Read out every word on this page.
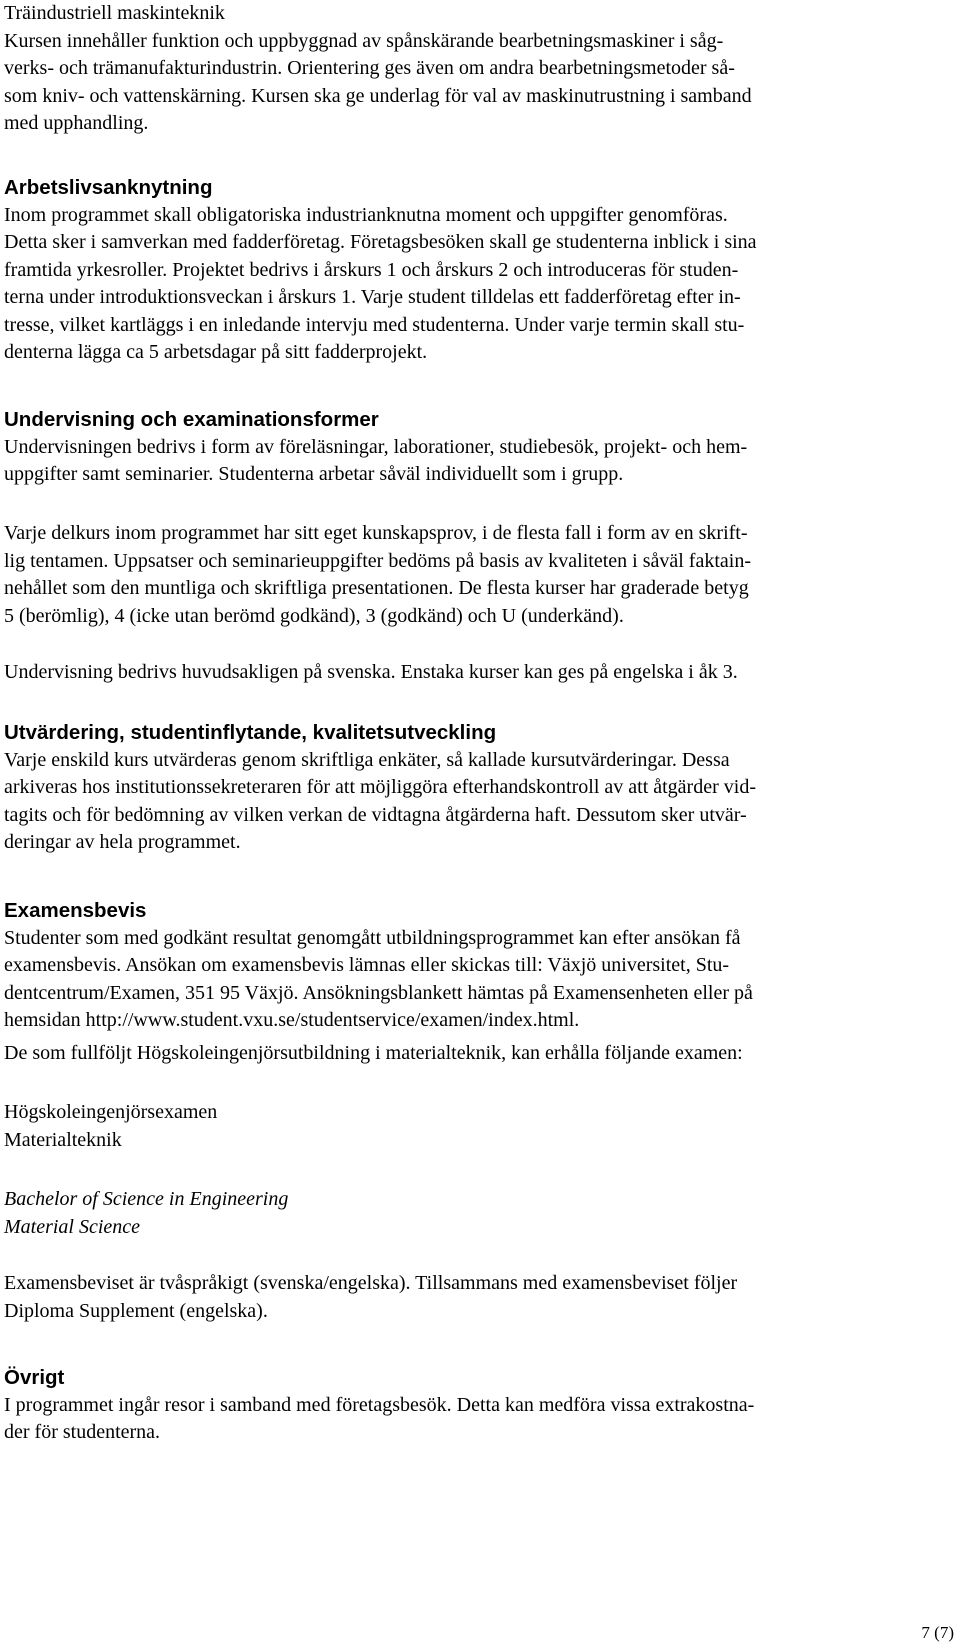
Träindustriell maskinteknik
Kursen innehåller funktion och uppbyggnad av spånskärande bearbetningsmaskiner i såg-
verks- och trämanufakturindustrin. Orientering ges även om andra bearbetningsmetoder så-
som kniv- och vattenskärning. Kursen ska ge underlag för val av maskinutrustning i samband
med upphandling.

Arbetslivsanknytning

Inom programmet skall obligatoriska industrianknutna moment och uppgifter genomföras.
Detta sker i samverkan med fadderföretag. Företagsbesöken skall ge studenterna inblick i sina
framtida yrkesroller. Projektet bedrivs i årskurs 1 och årskurs 2 och introduceras för studen-
terna under introduktionsveckan i årskurs 1. Varje student tilldelas ett fadderföretag efter in-
tresse, vilket kartläggs i en inledande intervju med studenterna. Under varje termin skall stu-
denterna lägga ca 5 arbetsdagar på sitt fadderprojekt.

Undervisning och examinationsformer

Undervisningen bedrivs i form av föreläsningar, laborationer, studiebesök, projekt- och hem-
uppgifter samt seminarier. Studenterna arbetar såväl individuellt som i grupp.

Varje delkurs inom programmet har sitt eget kunskapsprov, i de flesta fall i form av en skrift-
lig tentamen. Uppsatser och seminarieuppgifter bedöms på basis av kvaliteten i såväl faktain-
nehållet som den muntliga och skriftliga presentationen. De flesta kurser har graderade betyg
5 (berömlig), 4 (icke utan berömd godkänd), 3 (godkänd) och U (underkänd).

Undervisning bedrivs huvudsakligen på svenska. Enstaka kurser kan ges på engelska i åk 3.

Utvärdering, studentinflytande, kvalitetsutveckling

Varje enskild kurs utvärderas genom skriftliga enkäter, så kallade kursutvärderingar. Dessa
arkiveras hos institutionssekreteraren för att möjliggöra efterhandskontroll av att åtgärder vid-
tagits och för bedömning av vilken verkan de vidtagna åtgärderna haft. Dessutom sker utvär-
deringar av hela programmet.

Examensbevis

Studenter som med godkänt resultat genomgått utbildningsprogrammet kan efter ansökan få
examensbevis. Ansökan om examensbevis lämnas eller skickas till: Växjö universitet, Stu-
dentcentrum/Examen, 351 95 Växjö. Ansökningsblankett hämtas på Examensenheten eller på
hemsidan http://www.student.vxu.se/studentservice/examen/index.html.

De som fullföljt Högskoleingenjörsutbildning i materialteknik, kan erhålla följande examen:

Högskoleingenjörsexamen
Materialteknik

Bachelor of Science in Engineering
Material Science

Examensbeviset är tvåspråkigt (svenska/engelska). Tillsammans med examensbeviset följer
Diploma Supplement (engelska).

Övrigt

I programmet ingår resor i samband med företagsbesök. Detta kan medföra vissa extrakostna-
der för studenterna.

7 (7)
